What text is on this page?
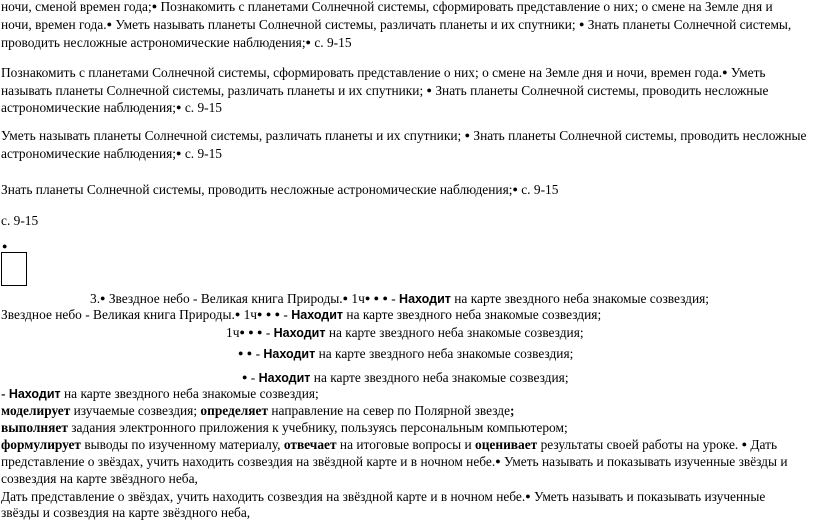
ночи, сменой времен года;● Познакомить с планетами Солнечной системы, сформировать представление о них; о смене на Земле дня и
ночи, времен года.● Уметь называть планеты Солнечной системы, различать планеты и их спутники; ● Знать планеты Солнечной системы,
проводить несложные астрономические наблюдения;● с. 9-15
Познакомить с планетами Солнечной системы, сформировать представление о них; о смене на Земле дня и ночи, времен года.● Уметь
называть планеты Солнечной системы, различать планеты и их спутники; ● Знать планеты Солнечной системы, проводить несложные
астрономические наблюдения;● с. 9-15
Уметь называть планеты Солнечной системы, различать планеты и их спутники; ● Знать планеты Солнечной системы, проводить несложные
астрономические наблюдения;● с. 9-15
Знать планеты Солнечной системы, проводить несложные астрономические наблюдения;● с. 9-15
с. 9-15
●
3.● Звездное небо - Великая книга Природы.● 1ч● ● ● - Находит на карте звездного неба знакомые созвездия;
Звездное небо - Великая книга Природы.● 1ч● ● ● - Находит на карте звездного неба знакомые созвездия;
1ч● ● ● - Находит на карте звездного неба знакомые созвездия;
● ● - Находит на карте звездного неба знакомые созвездия;
● - Находит на карте звездного неба знакомые созвездия;
- Находит на карте звездного неба знакомые созвездия;
моделирует изучаемые созвездия; определяет направление на север по Полярной звезде;
выполняет задания электронного приложения к учебнику, пользуясь персональным компьютером;
формулирует выводы по изученному материалу, отвечает на итоговые вопросы и оценивает результаты своей работы на уроке. ● Дать
представление о звёздах, учить находить созвездия на звёздной карте и в ночном небе.● Уметь называть и показывать изученные звёзды и
созвездия на карте звёздного неба,
Дать представление о звёздах, учить находить созвездия на звёздной карте и в ночном небе.● Уметь называть и показывать изученные
звёзды и созвездия на карте звёздного неба,
